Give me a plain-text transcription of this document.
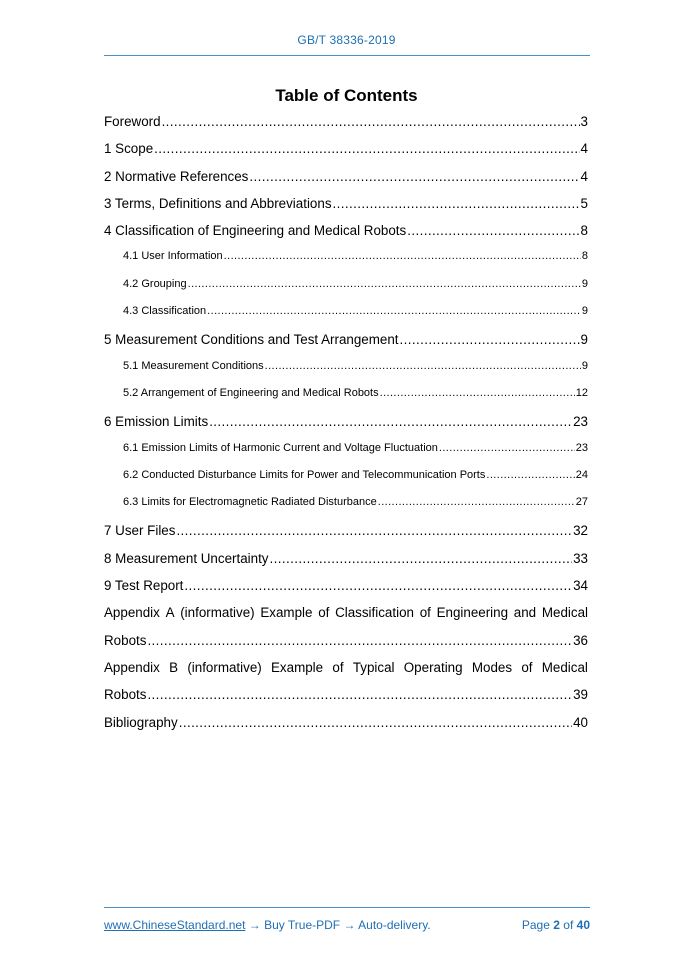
GB/T 38336-2019
Table of Contents
Foreword .....	3
1 Scope .....	4
2 Normative References .....	4
3 Terms, Definitions and Abbreviations .....	5
4 Classification of Engineering and Medical Robots .....	8
4.1 User Information .....	8
4.2 Grouping .....	9
4.3 Classification .....	9
5 Measurement Conditions and Test Arrangement .....	9
5.1 Measurement Conditions .....	9
5.2 Arrangement of Engineering and Medical Robots .....	12
6 Emission Limits .....	23
6.1 Emission Limits of Harmonic Current and Voltage Fluctuation .....	23
6.2 Conducted Disturbance Limits for Power and Telecommunication Ports .....	24
6.3 Limits for Electromagnetic Radiated Disturbance .....	27
7 User Files .....	32
8 Measurement Uncertainty .....	33
9 Test Report .....	34
Appendix A (informative) Example of Classification of Engineering and Medical
Robots .....	36
Appendix B (informative) Example of Typical Operating Modes of Medical
Robots .....	39
Bibliography .....	40
www.ChineseStandard.net → Buy True-PDF → Auto-delivery.	Page 2 of 40
